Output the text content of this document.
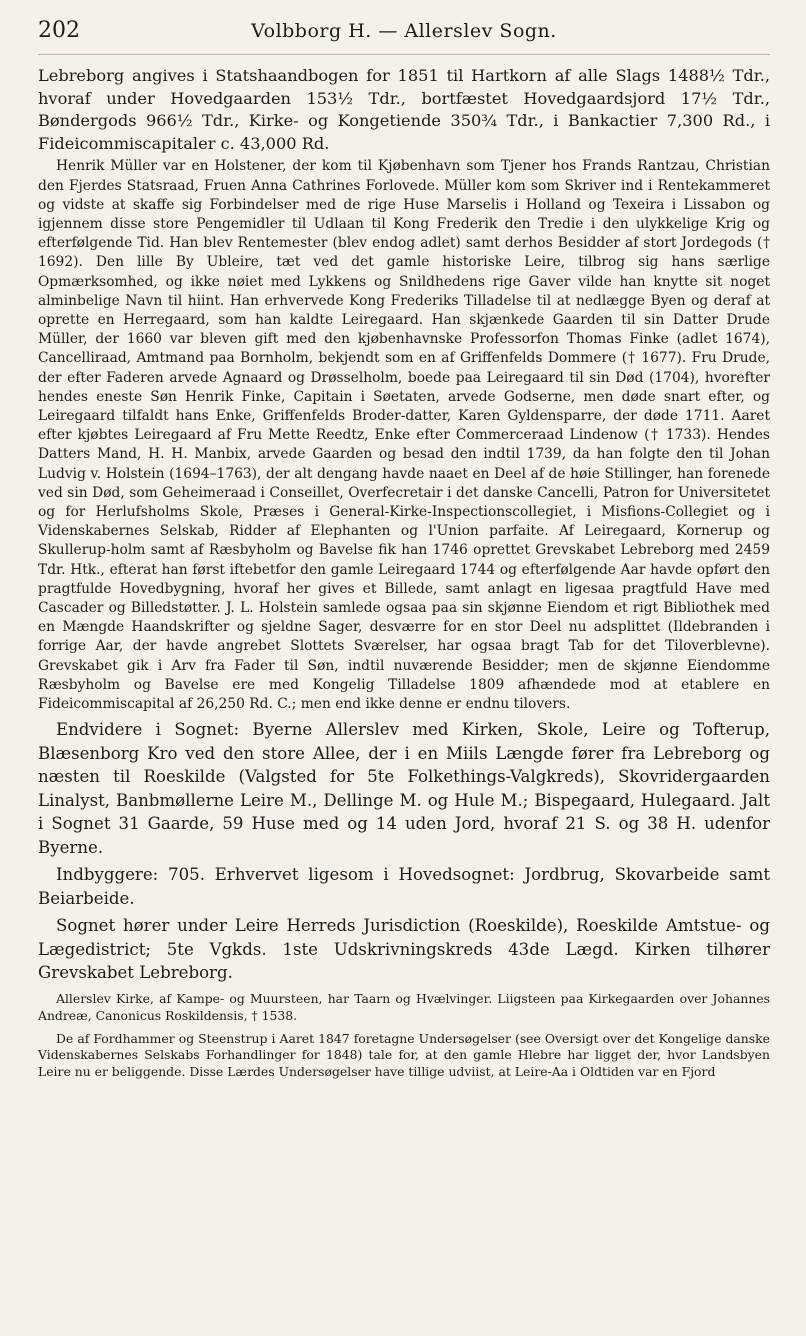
202	Volbborg H. — Allerslev Sogn.

Lebreborg angives i Statshaandbogen for 1851 til Hartkorn af alle Slags 1488½ Tdr., hvoraf under Hovedgaarden 153½ Tdr., bortfæstet Hovedgaardsjord 17½ Tdr., Bøndergods 966½ Tdr., Kirke- og Kongetiende 350¾ Tdr., i Bankactier 7,300 Rd., i Fideicommiscapitaler c. 43,000 Rd.

Henrik Müller var en Holstener, der kom til Kjøbenhavn som Tjener hos Frands Rantzau, Christian den Fjerdes Statsraad, Fruen Anna Cathrines Forlovede. Müller kom som Skriver ind i Rentekammeret og vidste at skaffe sig Forbindelser med de rige Huse Marselis i Holland og Texeira i Lissabon og igjennem disse store Pengemidler til Udlaan til Kong Frederik den Tredie i den ulykkelige Krig og efterfølgende Tid. Han blev Rentemester (blev endog adlet) samt derhos Besidder af stort Jordegods († 1692). Den lille By Ubleire, tæt ved det gamle historiske Leire, tilbrog sig hans særlige Opmærksomhed, og ikke nøiet med Lykkens og Snildhedens rige Gaver vilde han knytte sit noget alminbelige Navn til hiint. Han erhvervede Kong Frederiks Tilladelse til at nedlægge Byen og deraf at oprette en Herregaard, som han kaldte Leiregaard. Han skjænkede Gaarden til sin Datter Drude Müller, der 1660 var bleven gift med den kjøbenhavnske Professorfon Thomas Finke (adlet 1674), Cancelliraad, Amtmand paa Bornholm, bekjendt som en af Griffenfelds Dommere († 1677). Fru Drude, der efter Faderen arvede Agnaard og Drøsselholm, boede paa Leiregaard til sin Død (1704), hvorefter hendes eneste Søn Henrik Finke, Capitain i Søetaten, arvede Godserne, men døde snart efter, og Leiregaard tilfaldt hans Enke, Griffenfelds Broder-datter, Karen Gyldensparre, der døde 1711. Aaret efter kjøbtes Leiregaard af Fru Mette Reedtz, Enke efter Commerceraad Lindenow († 1733). Hendes Datters Mand, H. H. Manbix, arvede Gaarden og besad den indtil 1739, da han folgte den til Johan Ludvig v. Holstein (1694–1763), der alt dengang havde naaet en Deel af de høie Stillinger, han forenede ved sin Død, som Geheimeraad i Conseillet, Overfecretair i det danske Cancelli, Patron for Universitetet og for Herlufsholms Skole, Præses i General-Kirke-Inspectionscollegiet, i Misfions-Collegiet og i Videnskabernes Selskab, Ridder af Elephanten og l'Union parfaite. Af Leiregaard, Kornerup og Skullerup-holm samt af Ræsbyholm og Bavelse fik han 1746 oprettet Grevskabet Lebreborg med 2459 Tdr. Htk., efterat han først iftebetfor den gamle Leiregaard 1744 og efterfølgende Aar havde opført den pragtfulde Hovedbygning, hvoraf her gives et Billede, samt anlagt en ligesaa pragtfuld Have med Cascader og Billedstøtter. J. L. Holstein samlede ogsaa paa sin skjønne Eiendom et rigt Bibliothek med en Mængde Haandskrifter og sjeldne Sager, desværre for en stor Deel nu adsplittet (Ildebranden i forrige Aar, der havde angrebet Slottets Sværelser, har ogsaa bragt Tab for det Tiloverblevne). Grevskabet gik i Arv fra Fader til Søn, indtil nuværende Besidder; men de skjønne Eiendomme Ræsbyholm og Bavelse ere med Kongelig Tilladelse 1809 afhændede mod at etablere en Fideicommiscapital af 26,250 Rd. C.; men end ikke denne er endnu tilovers.

Endvidere i Sognet: Byerne Allerslev med Kirken, Skole, Leire og Tofterup, Blæsenborg Kro ved den store Allee, der i en Miils Længde fører fra Lebreborg og næsten til Roeskilde (Valgsted for 5te Folkethings-Valgkreds), Skovridergaarden Linalyst, Banbmøllerne Leire M., Dellinge M. og Hule M.; Bispegaard, Hulegaard. Jalt i Sognet 31 Gaarde, 59 Huse med og 14 uden Jord, hvoraf 21 S. og 38 H. udenfor Byerne.

Indbyggere: 705. Erhvervet ligesom i Hovedsognet: Jordbrug, Skovarbeide samt Beiarbeide.

Sognet hører under Leire Herreds Jurisdiction (Roeskilde), Roeskilde Amtstue- og Lægedistrict; 5te Vgkds. 1ste Udskrivningskreds 43de Lægd. Kirken tilhører Grevskabet Lebreborg.

Allerslev Kirke, af Kampe- og Muursteen, har Taarn og Hvælvinger. Liigsteen paa Kirkegaarden over Johannes Andreæ, Canonicus Roskildensis, † 1538.

De af Fordhammer og Steenstrup i Aaret 1847 foretagne Undersøgelser (see Oversigt over det Kongelige danske Videnskabernes Selskabs Forhandlinger for 1848) tale for, at den gamle Hlebre har ligget der, hvor Landsbyen Leire nu er beliggende. Disse Lærdes Undersøgelser have tillige udviist, at Leire-Aa i Oldtiden var en Fjord
